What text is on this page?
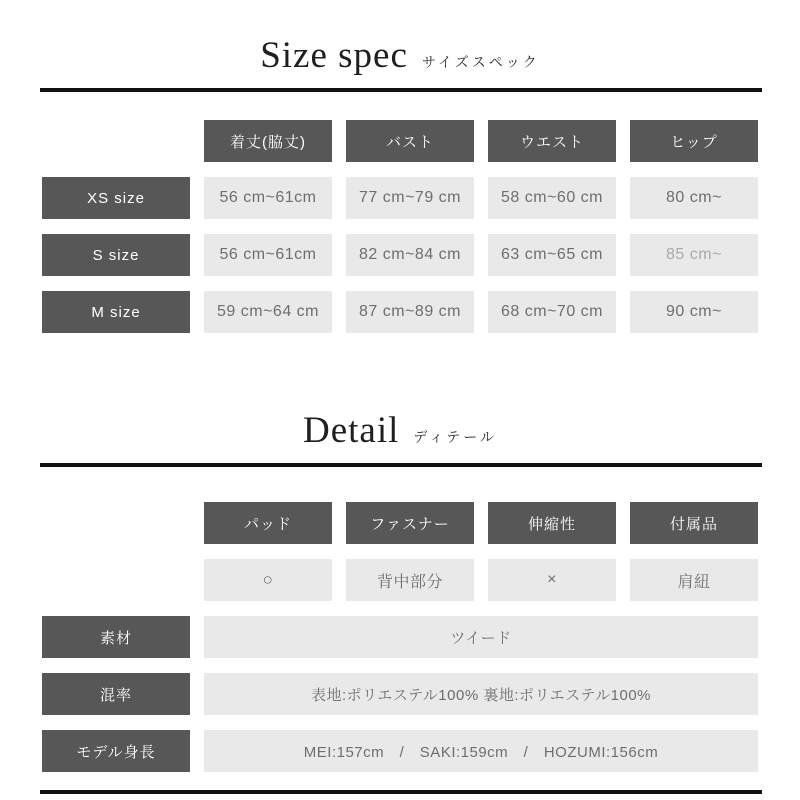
Size spec サイズスペック
着丈(脇丈)	バスト	ウエスト	ヒップ
XS size	56 cm~61cm	77 cm~79 cm	58 cm~60 cm	80 cm~
S size	56 cm~61cm	82 cm~84 cm	63 cm~65 cm	85 cm~
M size	59 cm~64 cm	87 cm~89 cm	68 cm~70 cm	90 cm~
Detail ディテール
パッド	ファスナー	伸縮性	付属品
○	背中部分	×	肩紐
素材	ツイード
混率	表地:ポリエステル100% 裏地:ポリエステル100%
モデル身長	MEI:157cm　/　SAKI:159cm　/　HOZUMI:156cm
